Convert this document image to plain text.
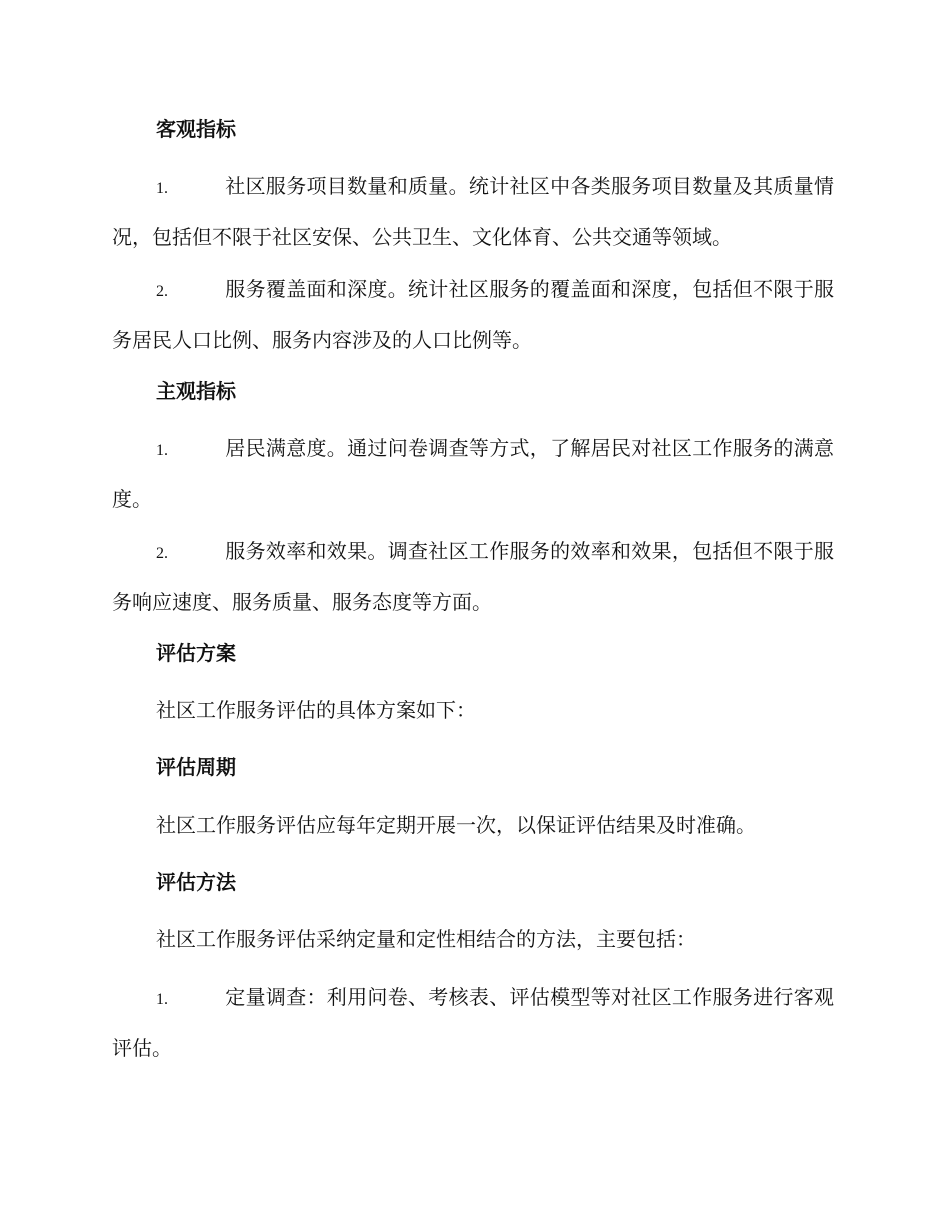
客观指标

1.	社区服务项目数量和质量。统计社区中各类服务项目数量及其质量情况，包括但不限于社区安保、公共卫生、文化体育、公共交通等领域。

2.	服务覆盖面和深度。统计社区服务的覆盖面和深度，包括但不限于服务居民人口比例、服务内容涉及的人口比例等。

主观指标

1.	居民满意度。通过问卷调查等方式，了解居民对社区工作服务的满意度。

2.	服务效率和效果。调查社区工作服务的效率和效果，包括但不限于服务响应速度、服务质量、服务态度等方面。

评估方案

社区工作服务评估的具体方案如下：

评估周期

社区工作服务评估应每年定期开展一次，以保证评估结果及时准确。

评估方法

社区工作服务评估采纳定量和定性相结合的方法，主要包括：

1.	定量调查：利用问卷、考核表、评估模型等对社区工作服务进行客观评估。
